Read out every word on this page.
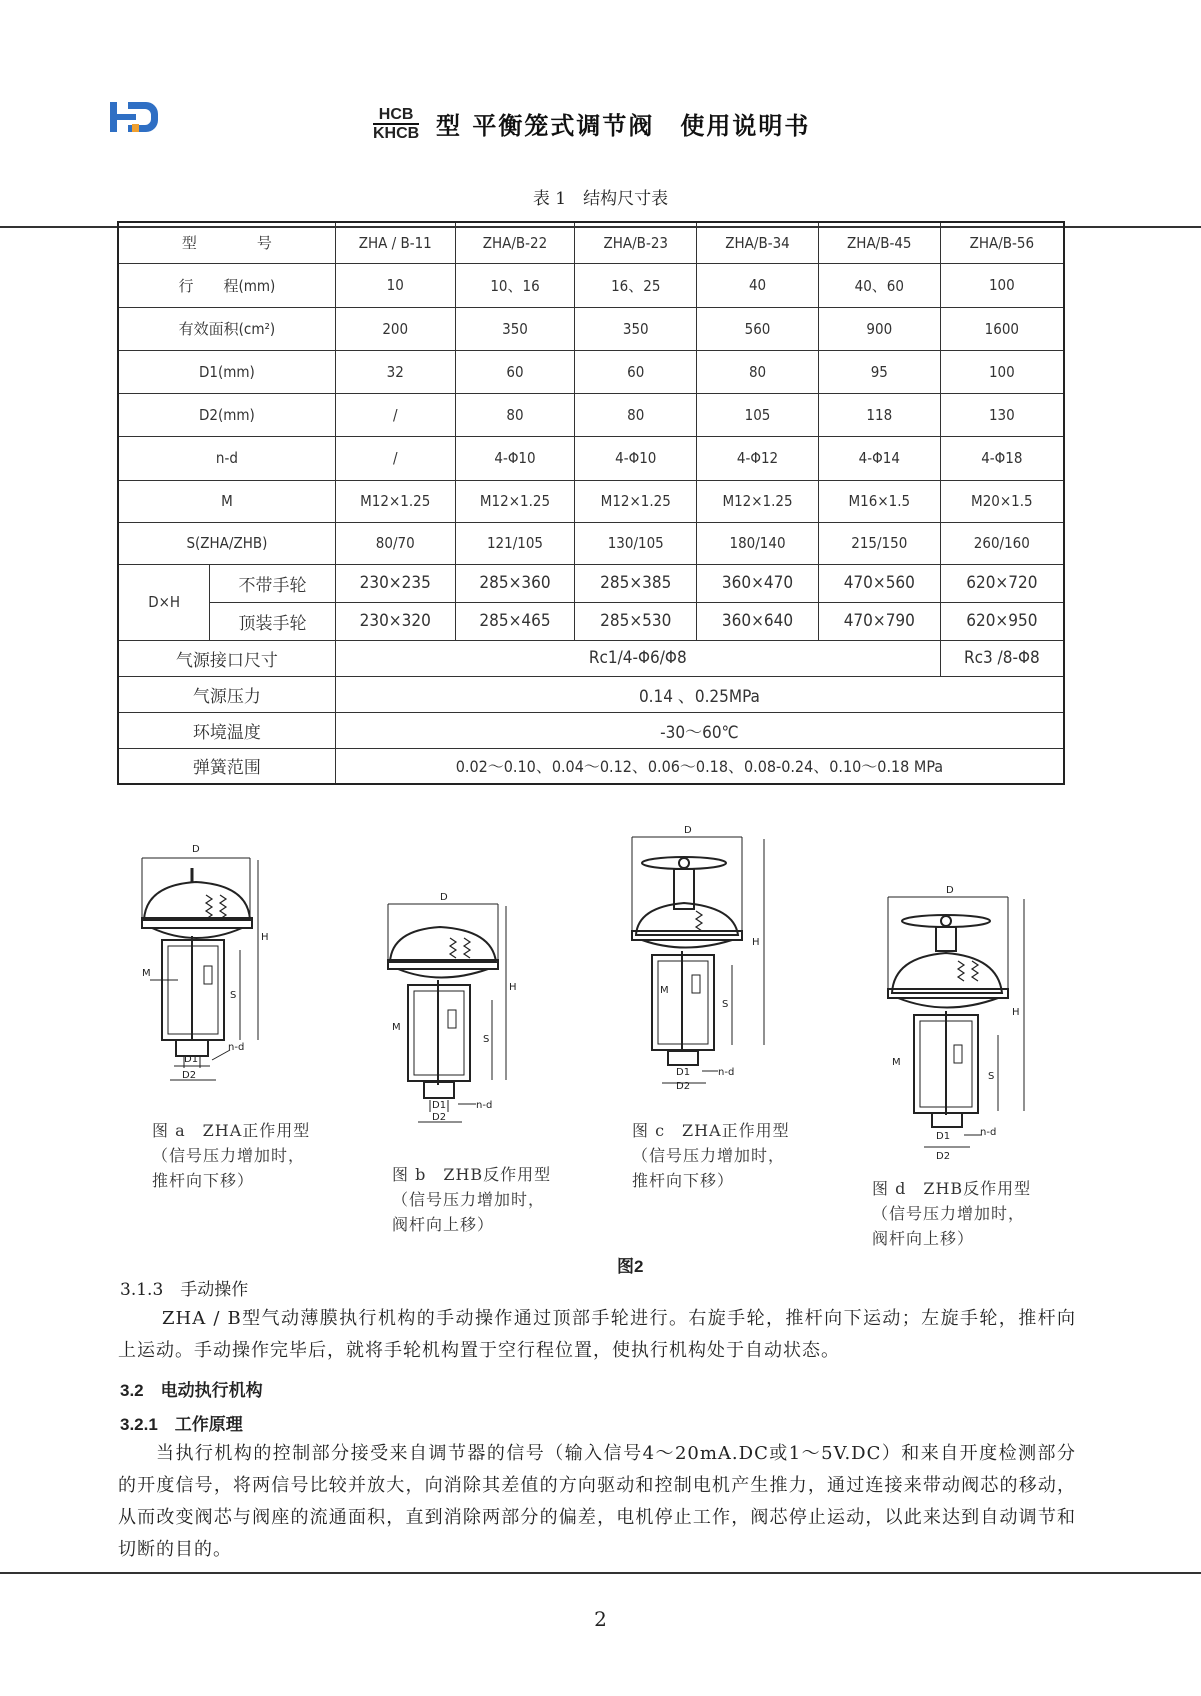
HCB
KHCB 型 平衡笼式调节阀　使用说明书
表 1　结构尺寸表
型　　　　号		ZHA / B-11	ZHA/B-22	ZHA/B-23	ZHA/B-34	ZHA/B-45	ZHA/B-56
行　　程(mm)		10	10、16	16、25	40	40、60	100
有效面积(cm²)		200	350	350	560	900	1600
D1(mm)		32	60	60	80	95	100
D2(mm)		/	80	80	105	118	130
n-d		/	4-Φ10	4-Φ10	4-Φ12	4-Φ14	4-Φ18
M		M12×1.25	M12×1.25	M12×1.25	M12×1.25	M16×1.5	M20×1.5
S(ZHA/ZHB)		80/70	121/105	130/105	180/140	215/150	260/160
D×H	不带手轮	230×235	285×360	285×385	360×470	470×560	620×720
	顶装手轮	230×320	285×465	285×530	360×640	470×790	620×950
气源接口尺寸		Rc1/4-Φ6/Φ8					Rc3 /8-Φ8
气源压力		0.14 、0.25MPa					
环境温度		-30～60℃					
弹簧范围		0.02～0.10、0.04～0.12、0.06～0.18、0.08-0.24、0.10～0.18 MPa					
D
M
H
S
D1
D2
n-d
图 a　ZHA正作用型
（信号压力增加时，
推杆向下移）
D
M
H
S
D1
D2
n-d
图 b　ZHB反作用型
（信号压力增加时，
阀杆向上移）
D
M
H
S
D1
D2
n-d
图 c　ZHA正作用型
（信号压力增加时，
推杆向下移）
D
M
H
S
D1
D2
n-d
图 d　ZHB反作用型
（信号压力增加时，
阀杆向上移）
图2
3.1.3　手动操作
ZHA / B型气动薄膜执行机构的手动操作通过顶部手轮进行。右旋手轮，推杆向下运动；左旋手轮，推杆向上运动。手动操作完毕后，就将手轮机构置于空行程位置，使执行机构处于自动状态。
3.2　电动执行机构
3.2.1　工作原理
当执行机构的控制部分接受来自调节器的信号（输入信号4～20mA.DC或1～5V.DC）和来自开度检测部分的开度信号，将两信号比较并放大，向消除其差值的方向驱动和控制电机产生推力，通过连接来带动阀芯的移动，从而改变阀芯与阀座的流通面积，直到消除两部分的偏差，电机停止工作，阀芯停止运动，以此来达到自动调节和切断的目的。
2
